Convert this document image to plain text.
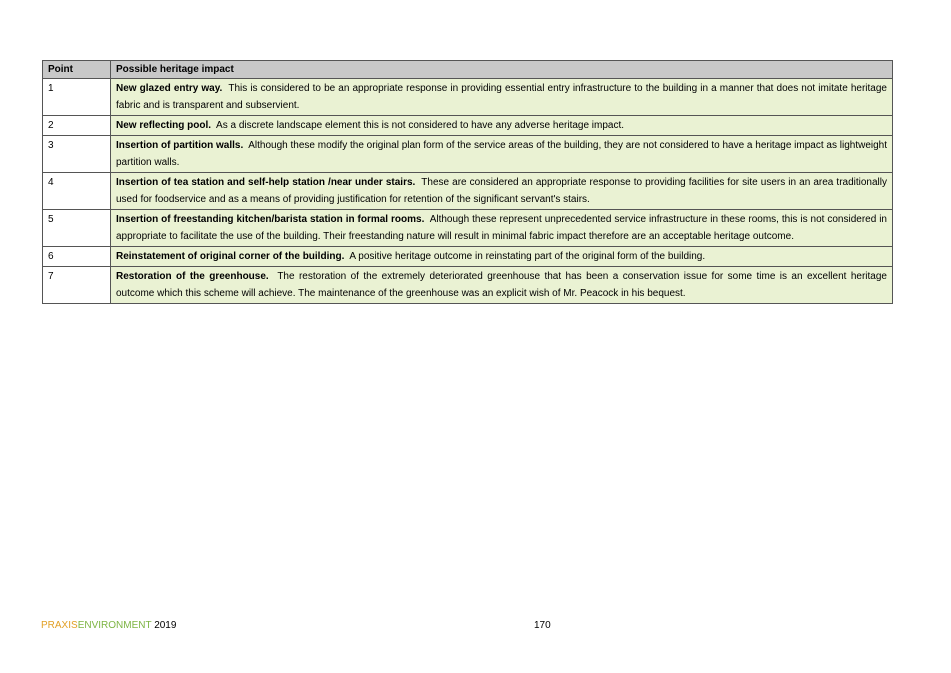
Point	Possible heritage impact
1	New glazed entry way. This is considered to be an appropriate response in providing essential entry infrastructure to the building in a manner that does not imitate heritage fabric and is transparent and subservient.
2	New reflecting pool. As a discrete landscape element this is not considered to have any adverse heritage impact.
3	Insertion of partition walls. Although these modify the original plan form of the service areas of the building, they are not considered to have a heritage impact as lightweight partition walls.
4	Insertion of tea station and self-help station /near under stairs. These are considered an appropriate response to providing facilities for site users in an area traditionally used for foodservice and as a means of providing justification for retention of the significant servant's stairs.
5	Insertion of freestanding kitchen/barista station in formal rooms. Although these represent unprecedented service infrastructure in these rooms, this is not considered in appropriate to facilitate the use of the building. Their freestanding nature will result in minimal fabric impact therefore are an acceptable heritage outcome.
6	Reinstatement of original corner of the building. A positive heritage outcome in reinstating part of the original form of the building.
7	Restoration of the greenhouse. The restoration of the extremely deteriorated greenhouse that has been a conservation issue for some time is an excellent heritage outcome which this scheme will achieve. The maintenance of the greenhouse was an explicit wish of Mr. Peacock in his bequest.
PRAXISENVIRONMENT 2019	170
